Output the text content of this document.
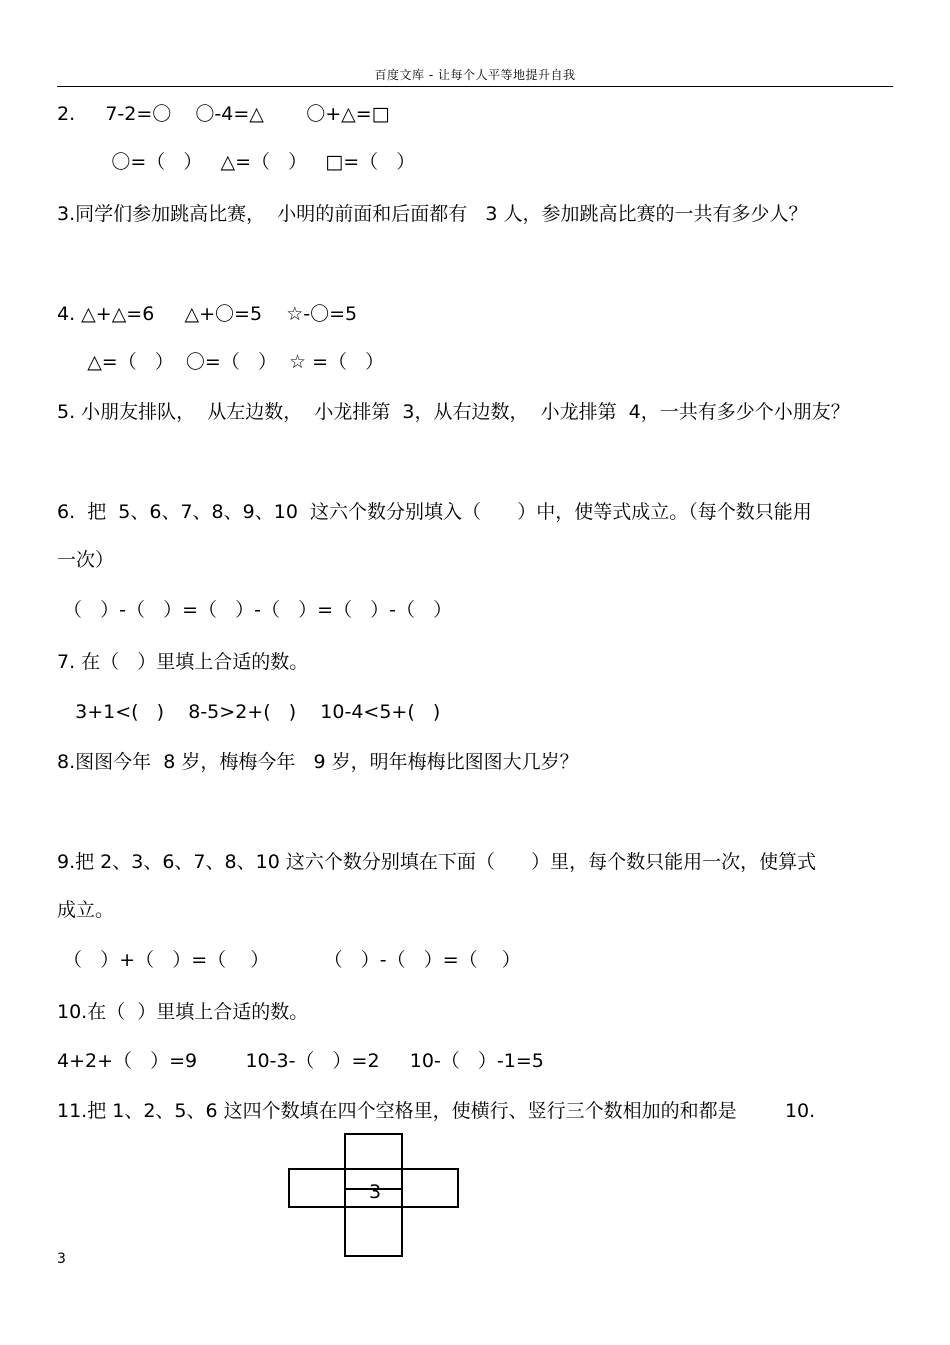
百度文库 - 让每个人平等地提升自我
2.     7-2=〇    〇-4=△       〇+△=□
〇=（   ）   △=（   ）   □=（   ）
3.同学们参加跳高比赛，  小明的前面和后面都有   3 人，参加跳高比赛的一共有多少人？
4. △+△=6     △+〇=5    ☆-〇=5
△=（   ）  〇=（   ）  ☆ =（   ）
5. 小朋友排队，  从左边数，  小龙排第  3，从右边数，  小龙排第  4，一共有多少个小朋友？
6.  把  5、6、7、8、9、10  这六个数分别填入（      ）中，使等式成立。（每个数只能用
一次）
（   ）-（   ）=（   ）-（   ）=（   ）-（   ）
7. 在（   ）里填上合适的数。
3+1<(   )    8-5>2+(   )    10-4<5+(   )
8.图图今年  8 岁，梅梅今年   9 岁，明年梅梅比图图大几岁？
9.把 2、3、6、7、8、10 这六个数分别填在下面（      ）里，每个数只能用一次，使算式
成立。
（   ）+（   ）=（    ）         （   ）-（   ）=（    ）
10.在（  ）里填上合适的数。
4+2+（   ）=9        10-3-（   ）=2     10-（   ）-1=5
11.把 1、2、5、6 这四个数填在四个空格里，使横行、竖行三个数相加的和都是        10.
3
3
